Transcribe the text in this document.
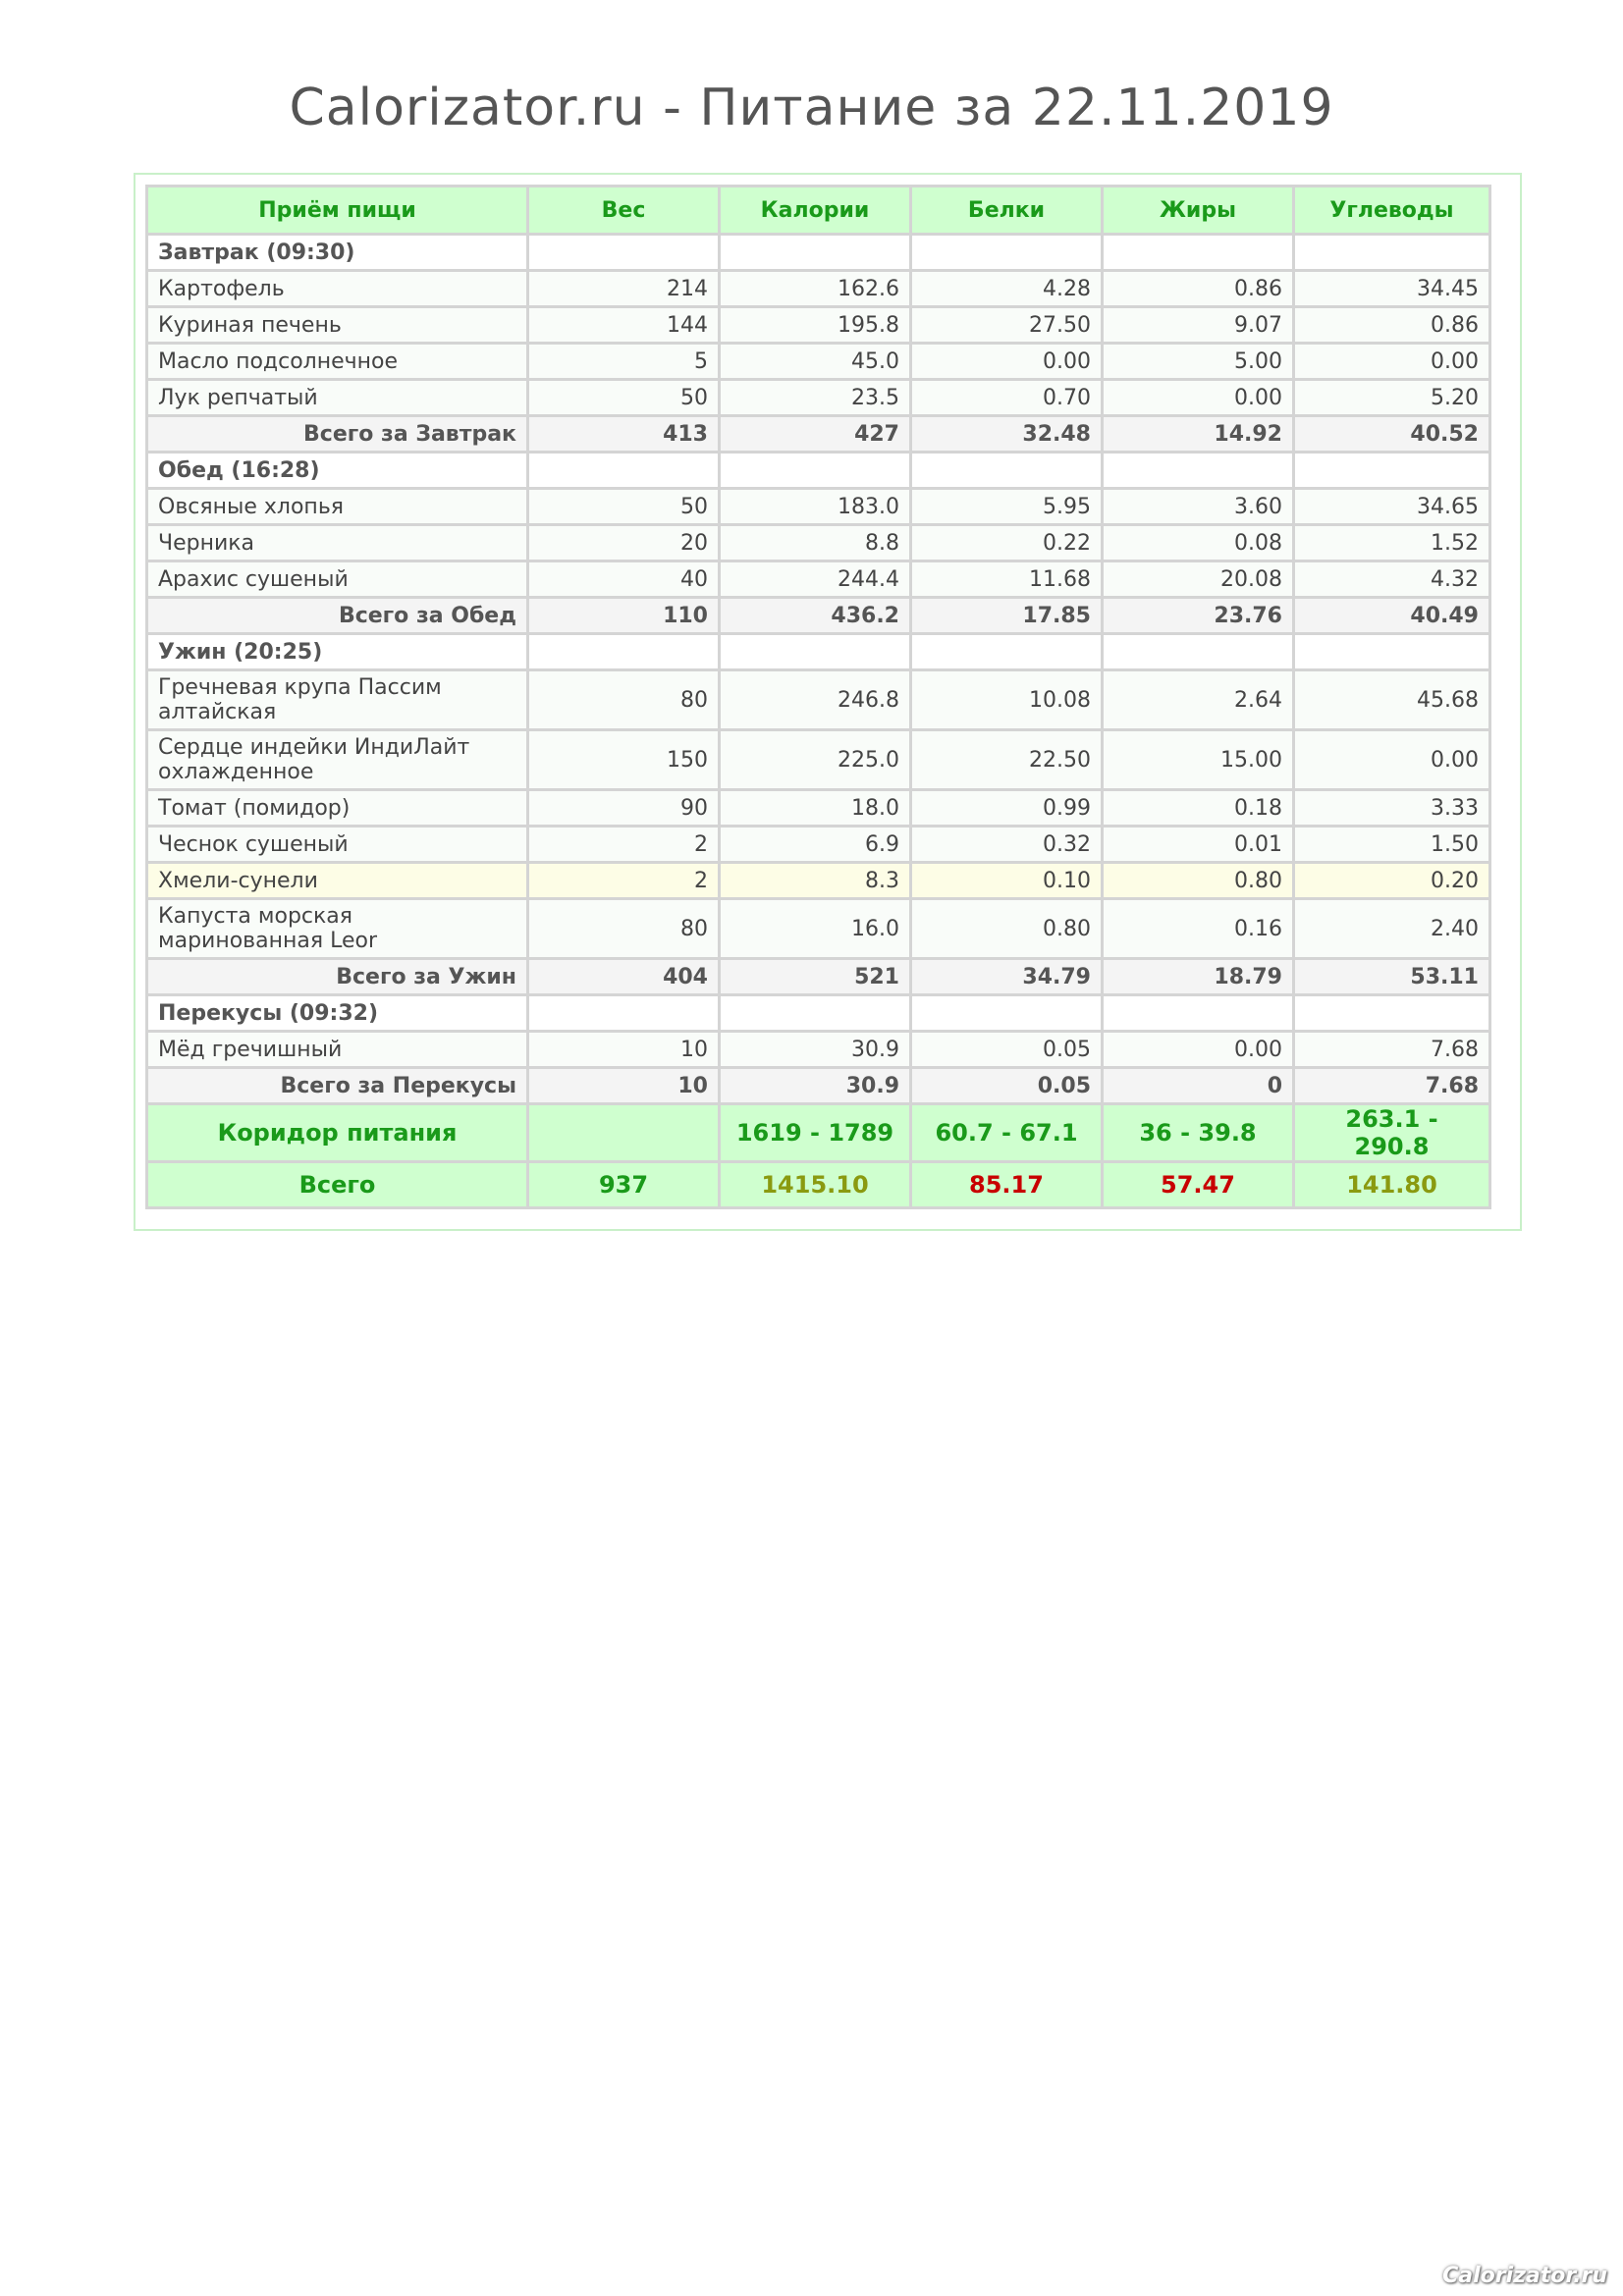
Calorizator.ru - Питание за 22.11.2019
Приём пищи	Вес	Калории	Белки	Жиры	Углеводы
Завтрак (09:30)					
Картофель	214	162.6	4.28	0.86	34.45
Куриная печень	144	195.8	27.50	9.07	0.86
Масло подсолнечное	5	45.0	0.00	5.00	0.00
Лук репчатый	50	23.5	0.70	0.00	5.20
Всего за Завтрак	413	427	32.48	14.92	40.52
Обед (16:28)					
Овсяные хлопья	50	183.0	5.95	3.60	34.65
Черника	20	8.8	0.22	0.08	1.52
Арахис сушеный	40	244.4	11.68	20.08	4.32
Всего за Обед	110	436.2	17.85	23.76	40.49
Ужин (20:25)					
Гречневая крупа Пассим алтайская	80	246.8	10.08	2.64	45.68
Сердце индейки ИндиЛайт охлажденное	150	225.0	22.50	15.00	0.00
Томат (помидор)	90	18.0	0.99	0.18	3.33
Чеснок сушеный	2	6.9	0.32	0.01	1.50
Хмели-сунели	2	8.3	0.10	0.80	0.20
Капуста морская маринованная Leor	80	16.0	0.80	0.16	2.40
Всего за Ужин	404	521	34.79	18.79	53.11
Перекусы (09:32)					
Мёд гречишный	10	30.9	0.05	0.00	7.68
Всего за Перекусы	10	30.9	0.05	0	7.68
Коридор питания		1619 - 1789	60.7 - 67.1	36 - 39.8	263.1 - 290.8
Всего	937	1415.10	85.17	57.47	141.80
Calorizator.ru
